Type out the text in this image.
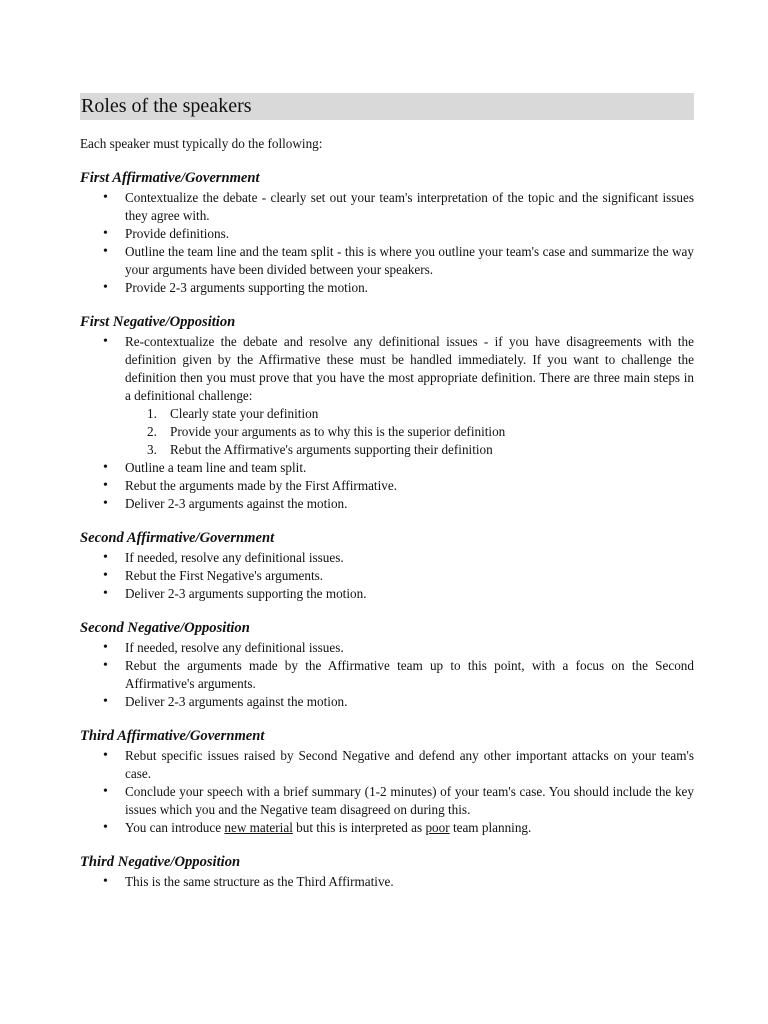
Roles of the speakers

Each speaker must typically do the following:

First Affirmative/Government
• Contextualize the debate - clearly set out your team's interpretation of the topic and the significant issues they agree with.
• Provide definitions.
• Outline the team line and the team split - this is where you outline your team's case and summarize the way your arguments have been divided between your speakers.
• Provide 2-3 arguments supporting the motion.
First Negative/Opposition
• Re-contextualize the debate and resolve any definitional issues - if you have disagreements with the definition given by the Affirmative these must be handled immediately. If you want to challenge the definition then you must prove that you have the most appropriate definition. There are three main steps in a definitional challenge:
1. Clearly state your definition
2. Provide your arguments as to why this is the superior definition
3. Rebut the Affirmative's arguments supporting their definition
• Outline a team line and team split.
• Rebut the arguments made by the First Affirmative.
• Deliver 2-3 arguments against the motion.
Second Affirmative/Government
• If needed, resolve any definitional issues.
• Rebut the First Negative's arguments.
• Deliver 2-3 arguments supporting the motion.
Second Negative/Opposition
• If needed, resolve any definitional issues.
• Rebut the arguments made by the Affirmative team up to this point, with a focus on the Second Affirmative's arguments.
• Deliver 2-3 arguments against the motion.
Third Affirmative/Government
• Rebut specific issues raised by Second Negative and defend any other important attacks on your team's case.
• Conclude your speech with a brief summary (1-2 minutes) of your team's case. You should include the key issues which you and the Negative team disagreed on during this.
• You can introduce new material but this is interpreted as poor team planning.
Third Negative/Opposition
• This is the same structure as the Third Affirmative.
